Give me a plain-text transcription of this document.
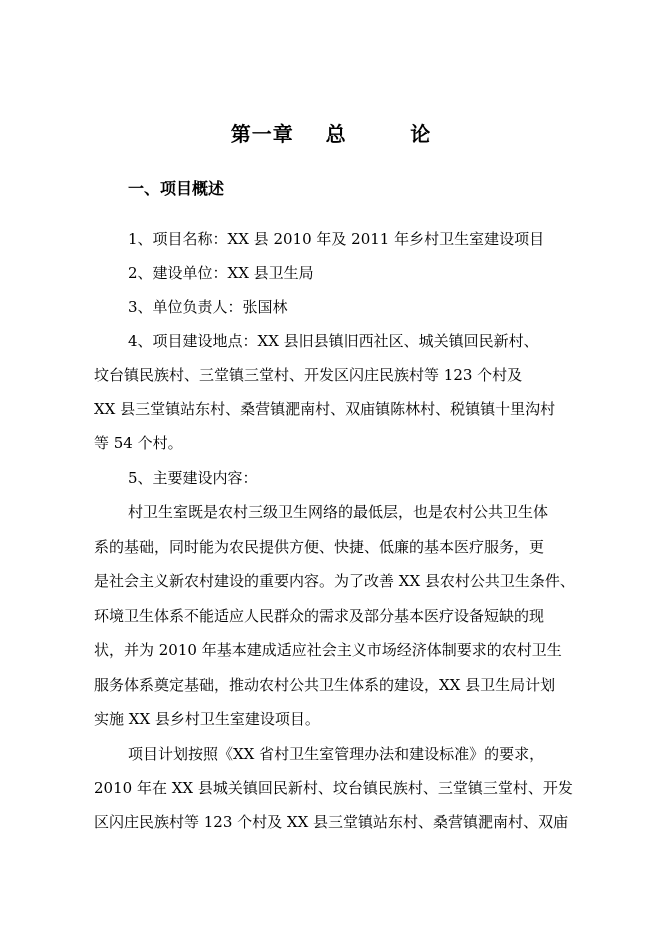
第一章    总        论
一、项目概述
1、项目名称：XX 县 2010 年及 2011 年乡村卫生室建设项目
2、建设单位：XX 县卫生局
3、单位负责人：张国林
4、项目建设地点：XX 县旧县镇旧西社区、城关镇回民新村、
坟台镇民族村、三堂镇三堂村、开发区闪庄民族村等 123 个村及
XX 县三堂镇站东村、桑营镇淝南村、双庙镇陈林村、税镇镇十里沟村
等 54 个村。
5、主要建设内容：
村卫生室既是农村三级卫生网络的最低层，也是农村公共卫生体
系的基础，同时能为农民提供方便、快捷、低廉的基本医疗服务，更
是社会主义新农村建设的重要内容。为了改善 XX 县农村公共卫生条件、
环境卫生体系不能适应人民群众的需求及部分基本医疗设备短缺的现
状，并为 2010 年基本建成适应社会主义市场经济体制要求的农村卫生
服务体系奠定基础，推动农村公共卫生体系的建设，XX 县卫生局计划
实施 XX 县乡村卫生室建设项目。
项目计划按照《XX 省村卫生室管理办法和建设标准》的要求，
2010 年在 XX 县城关镇回民新村、坟台镇民族村、三堂镇三堂村、开发
区闪庄民族村等 123 个村及 XX 县三堂镇站东村、桑营镇淝南村、双庙
